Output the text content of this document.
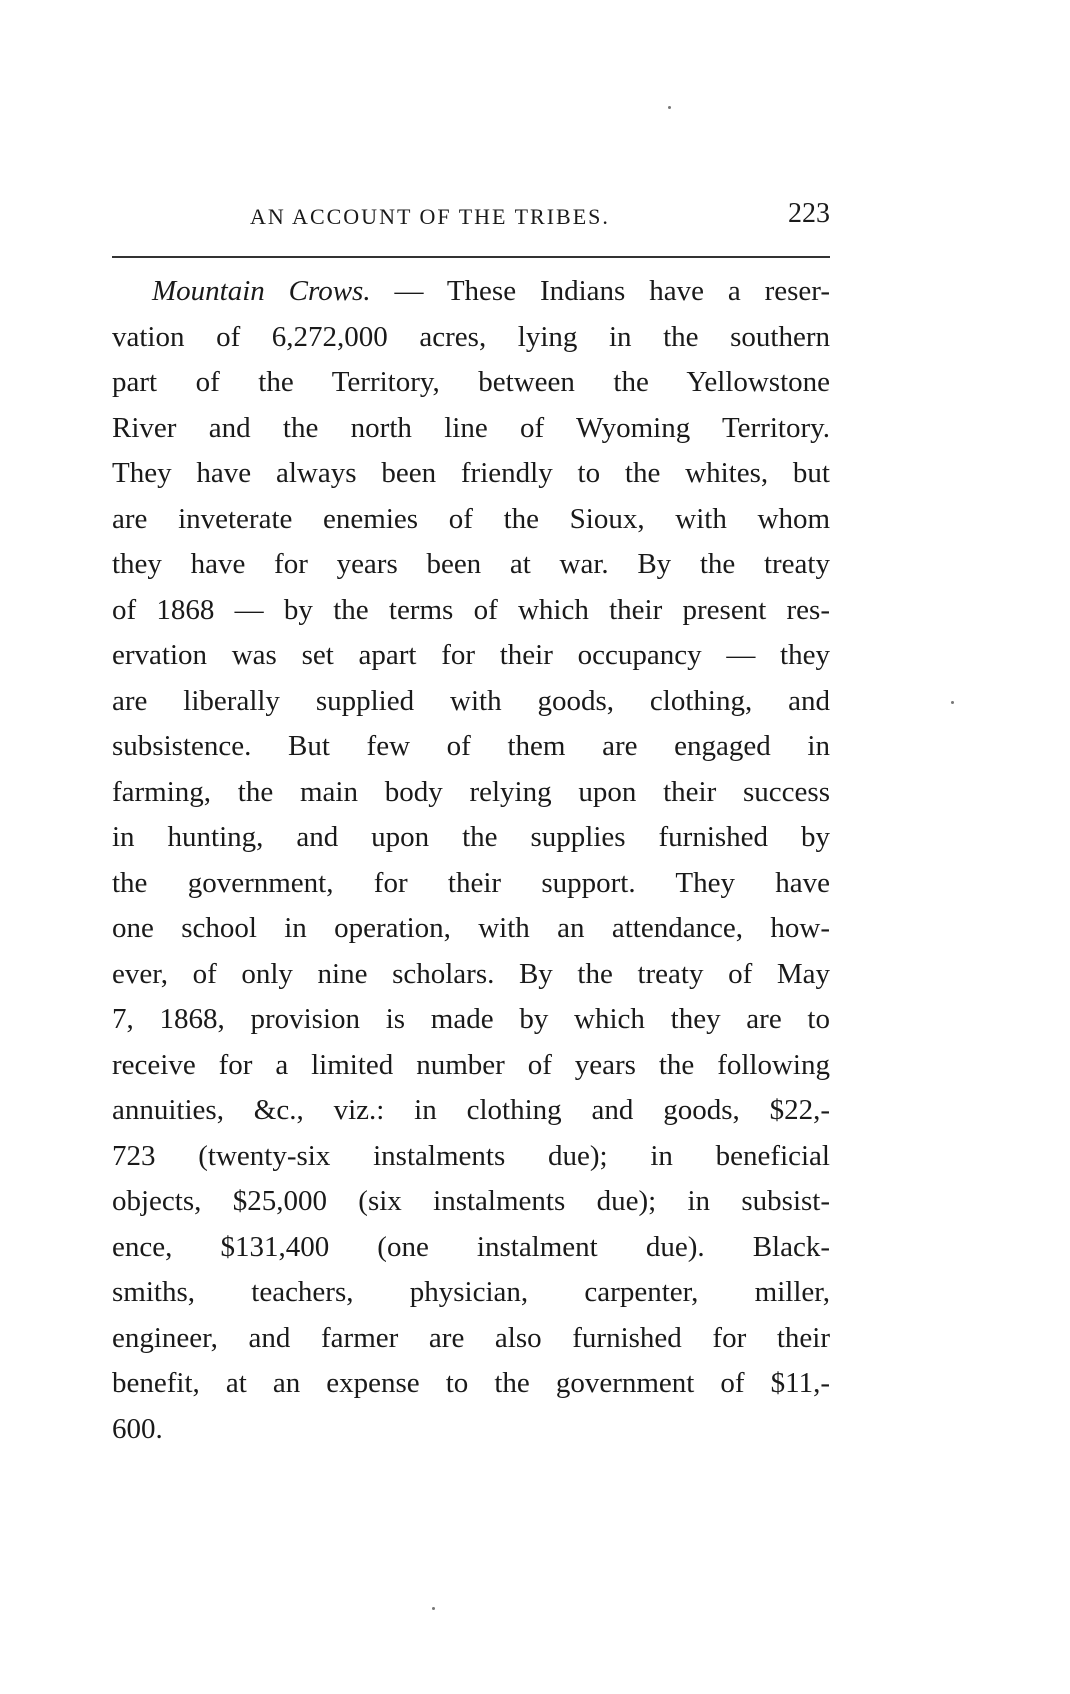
AN ACCOUNT OF THE TRIBES.	223
Mountain Crows. — These Indians have a reser-
vation of 6,272,000 acres, lying in the southern
part of the Territory, between the Yellowstone
River and the north line of Wyoming Territory.
They have always been friendly to the whites, but
are inveterate enemies of the Sioux, with whom
they have for years been at war. By the treaty
of 1868 — by the terms of which their present res-
ervation was set apart for their occupancy — they
are liberally supplied with goods, clothing, and
subsistence. But few of them are engaged in
farming, the main body relying upon their success
in hunting, and upon the supplies furnished by
the government, for their support. They have
one school in operation, with an attendance, how-
ever, of only nine scholars. By the treaty of May
7, 1868, provision is made by which they are to
receive for a limited number of years the following
annuities, &c., viz.: in clothing and goods, $22,-
723 (twenty-six instalments due); in beneficial
objects, $25,000 (six instalments due); in subsist-
ence, $131,400 (one instalment due). Black-
smiths, teachers, physician, carpenter, miller,
engineer, and farmer are also furnished for their
benefit, at an expense to the government of $11,-
600.
